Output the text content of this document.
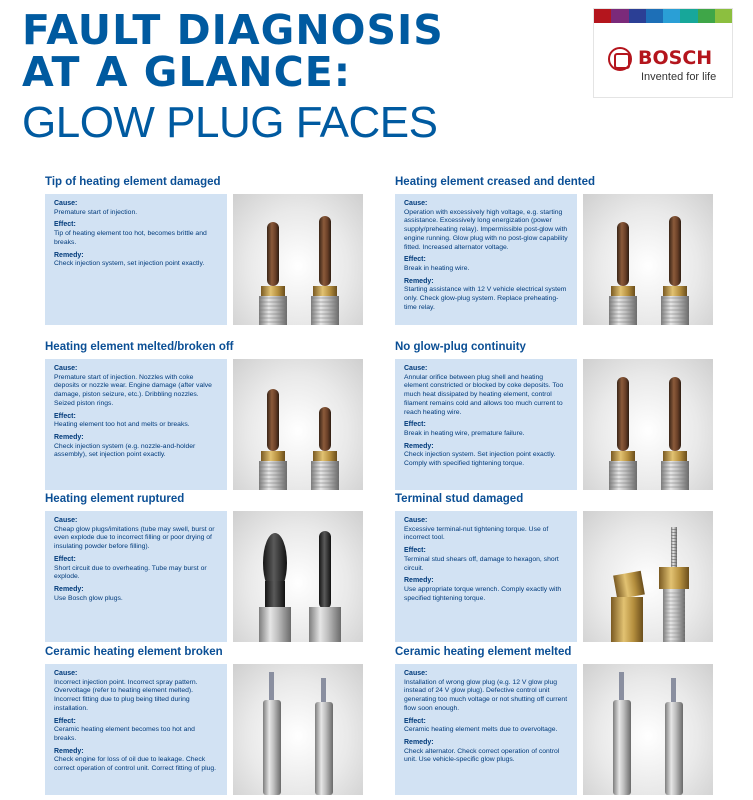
FAULT DIAGNOSIS
AT A GLANCE:
GLOW PLUG FACES
BOSCH
Invented for life
Tip of heating element damaged
Cause:
Premature start of injection.
Effect:
Tip of heating element too hot, becomes brittle and breaks.
Remedy:
Check injection system, set injection point exactly.
Heating element creased and dented
Cause:
Operation with excessively high voltage, e.g. starting assistance. Excessively long energization (power supply/preheating relay). Impermissible post-glow with engine running. Glow plug with no post-glow capability fitted. Increased alternator voltage.
Effect:
Break in heating wire.
Remedy:
Starting assistance with 12 V vehicle electrical system only. Check glow-plug system. Replace preheating-time relay.
Heating element melted/broken off
Cause:
Premature start of injection. Nozzles with coke deposits or nozzle wear. Engine damage (after valve damage, piston seizure, etc.). Dribbling nozzles. Seized piston rings.
Effect:
Heating element too hot and melts or breaks.
Remedy:
Check injection system (e.g. nozzle-and-holder assembly), set injection point exactly.
No glow-plug continuity
Cause:
Annular orifice between plug shell and heating element constricted or blocked by coke deposits. Too much heat dissipated by heating element, control filament remains cold and allows too much current to reach heating wire.
Effect:
Break in heating wire, premature failure.
Remedy:
Check injection system. Set injection point exactly. Comply with specified tightening torque.
Heating element ruptured
Cause:
Cheap glow plugs/imitations (tube may swell, burst or even explode due to incorrect filling or poor drying of insulating powder before filling).
Effect:
Short circuit due to overheating. Tube may burst or explode.
Remedy:
Use Bosch glow plugs.
Terminal stud damaged
Cause:
Excessive terminal-nut tightening torque. Use of incorrect tool.
Effect:
Terminal stud shears off, damage to hexagon, short circuit.
Remedy:
Use appropriate torque wrench. Comply exactly with specified tightening torque.
Ceramic heating element broken
Cause:
Incorrect injection point. Incorrect spray pattern. Overvoltage (refer to heating element melted). Incorrect fitting due to plug being tilted during installation.
Effect:
Ceramic heating element becomes too hot and breaks.
Remedy:
Check engine for loss of oil due to leakage. Check correct operation of control unit. Correct fitting of plug.
Ceramic heating element melted
Cause:
Installation of wrong glow plug (e.g. 12 V glow plug instead of 24 V glow plug). Defective control unit generating too much voltage or not shutting off current flow soon enough.
Effect:
Ceramic heating element melts due to overvoltage.
Remedy:
Check alternator. Check correct operation of control unit. Use vehicle-specific glow plugs.
